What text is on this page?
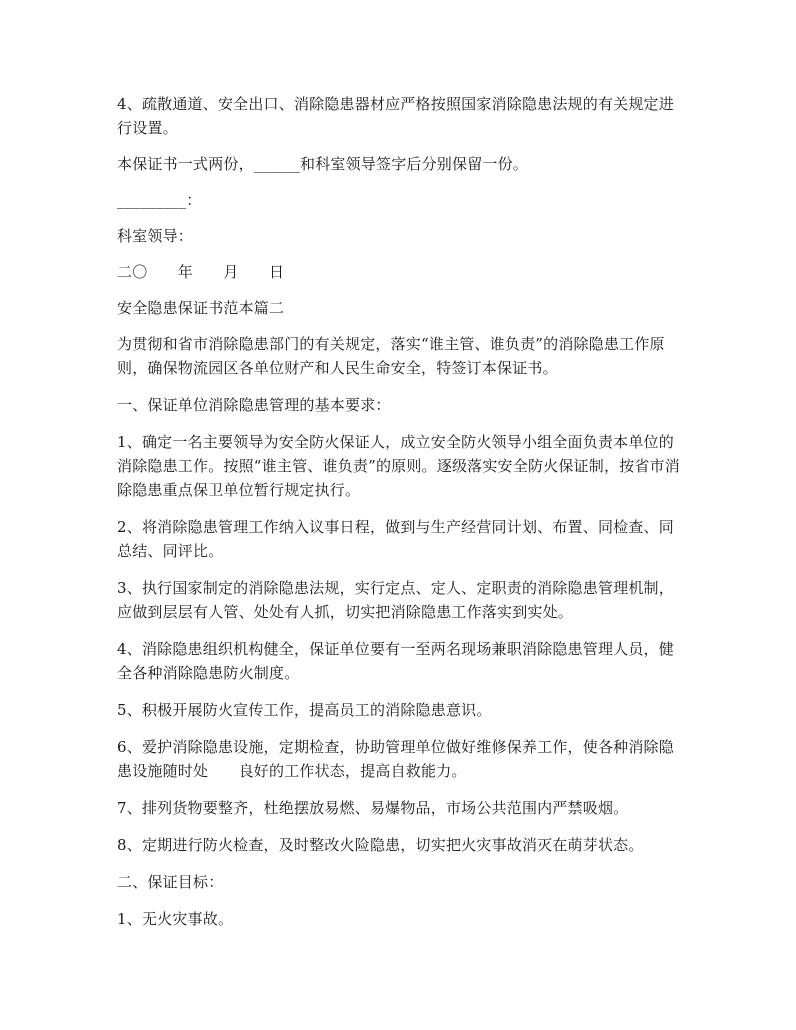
4、疏散通道、安全出口、消除隐患器材应严格按照国家消除隐患法规的有关规定进行设置。

本保证书一式两份，______和科室领导签字后分别保留一份。

_________：

科室领导：

二〇　　年　　月　　日

安全隐患保证书范本篇二

为贯彻和省市消除隐患部门的有关规定，落实“谁主管、谁负责”的消除隐患工作原则，确保物流园区各单位财产和人民生命安全，特签订本保证书。

一、保证单位消除隐患管理的基本要求：

1、确定一名主要领导为安全防火保证人，成立安全防火领导小组全面负责本单位的消除隐患工作。按照“谁主管、谁负责”的原则。逐级落实安全防火保证制，按省市消除隐患重点保卫单位暂行规定执行。

2、将消除隐患管理工作纳入议事日程，做到与生产经营同计划、布置、同检查、同总结、同评比。

3、执行国家制定的消除隐患法规，实行定点、定人、定职责的消除隐患管理机制，应做到层层有人管、处处有人抓，切实把消除隐患工作落实到实处。

4、消除隐患组织机构健全，保证单位要有一至两名现场兼职消除隐患管理人员，健全各种消除隐患防火制度。

5、积极开展防火宣传工作，提高员工的消除隐患意识。

6、爱护消除隐患设施，定期检查，协助管理单位做好维修保养工作，使各种消除隐患设施随时处　　良好的工作状态，提高自救能力。

7、排列货物要整齐，杜绝摆放易燃、易爆物品，市场公共范围内严禁吸烟。

8、定期进行防火检查，及时整改火险隐患，切实把火灾事故消灭在萌芽状态。

二、保证目标：

1、无火灾事故。
